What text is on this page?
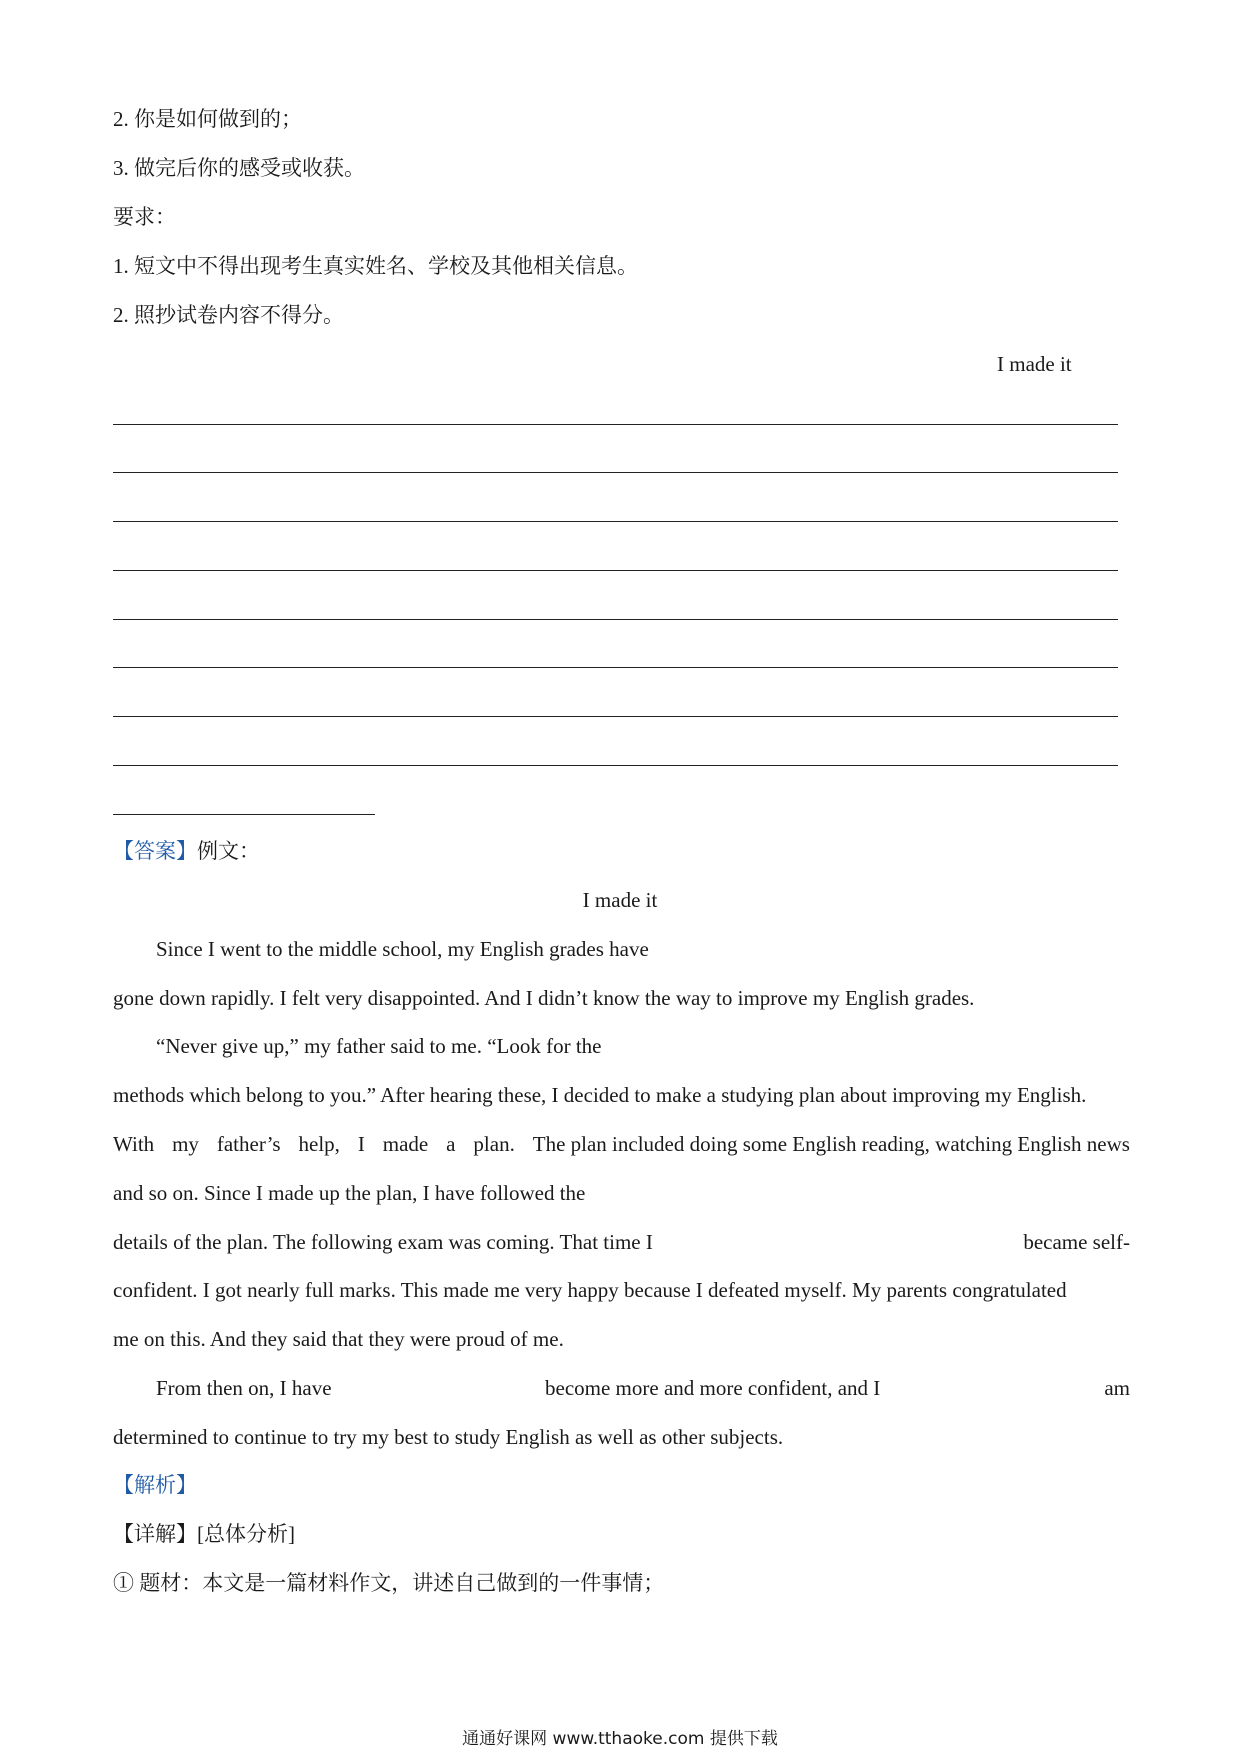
2. 你是如何做到的；
3. 做完后你的感受或收获。
要求：
1. 短文中不得出现考生真实姓名、学校及其他相关信息。
2. 照抄试卷内容不得分。
I made it
【答案】例文：
I made it
Since I went to the middle school, my English grades have
gone down rapidly. I felt very disappointed. And I didn’t know the way to improve my English grades.
“Never give up,” my father said to me. “Look for the
methods which belong to you.” After hearing these, I decided to make a studying plan about improving my English.
With my father’s help, I made a plan. The plan included doing some English reading, watching English news
and so on. Since I made up the plan, I have followed the
details of the plan. The following exam was coming. That time I	became self-
confident. I got nearly full marks. This made me very happy because I defeated myself. My parents congratulated
me on this. And they said that they were proud of me.
From then on, I have	become more and more confident, and I	am
determined to continue to try my best to study English as well as other subjects.
【解析】
【详解】[总体分析]
① 题材：本文是一篇材料作文，讲述自己做到的一件事情；
通通好课网 www.tthaoke.com 提供下载
